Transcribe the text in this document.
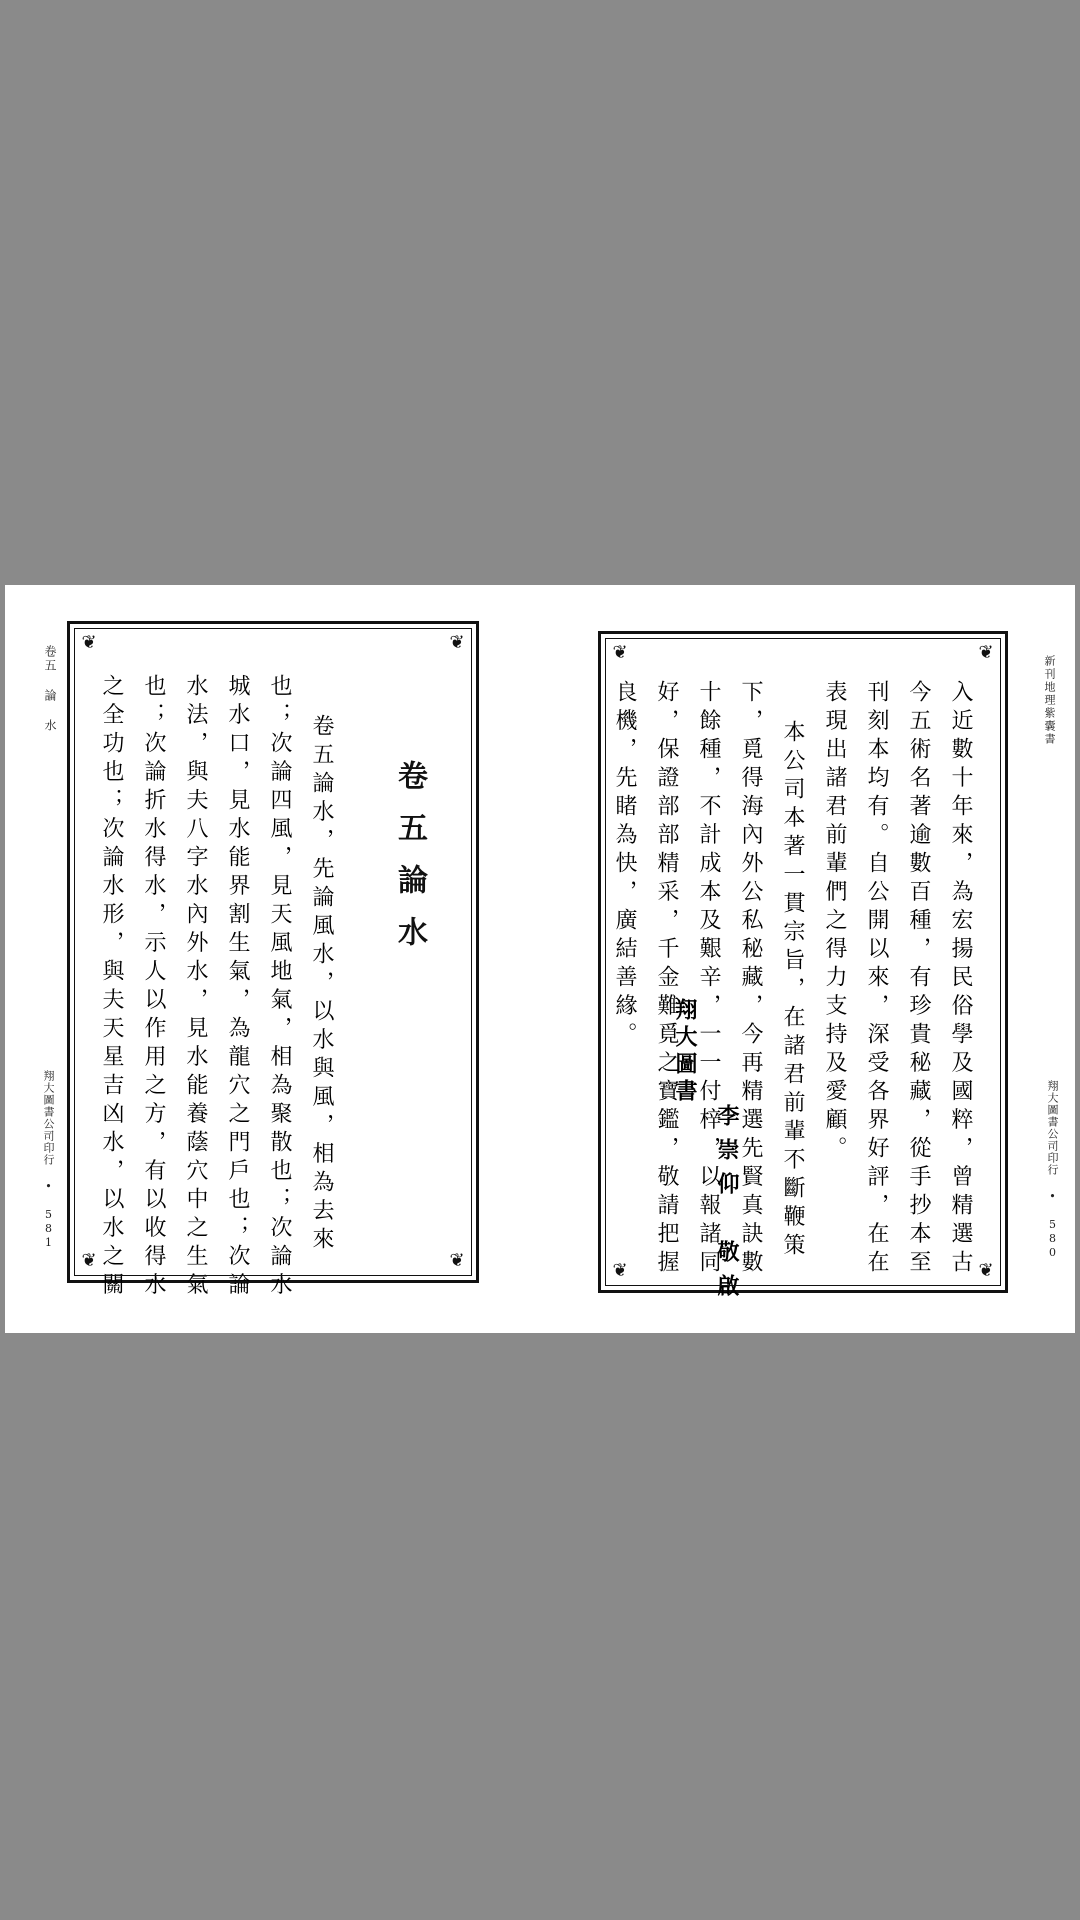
卷五 論 水
翔大圖書公司印行 • 581
❦	❦
❦	❦
卷五論水
卷五論水，先論風水，以水與風，相為去來
也；次論四風，見天風地氣，相為聚散也；次論水
城水口，見水能界割生氣，為龍穴之門戶也；次論
水法，與夫八字水內外水，見水能養蔭穴中之生氣
也；次論折水得水，示人以作用之方，有以收得水
之全功也；次論水形，與夫天星吉凶水，以水之關	新刊地理紫囊書
翔大圖書公司印行 • 580
❦	❦
❦	❦
入近數十年來，為宏揚民俗學及國粹，曾精選古
今五術名著逾數百種，有珍貴秘藏，從手抄本至
刊刻本均有。自公開以來，深受各界好評，在在
表現出諸君前輩們之得力支持及愛顧。
本公司本著一貫宗旨，在諸君前輩不斷鞭策
下，覓得海內外公私秘藏，今再精選先賢真訣數
十餘種，不計成本及艱辛，一一付梓，以報諸同
好，保證部部精采，千金難覓之寶鑑，敬請把握
良機，先睹為快，廣結善緣。
翔大圖書
李崇仰　敬啟
